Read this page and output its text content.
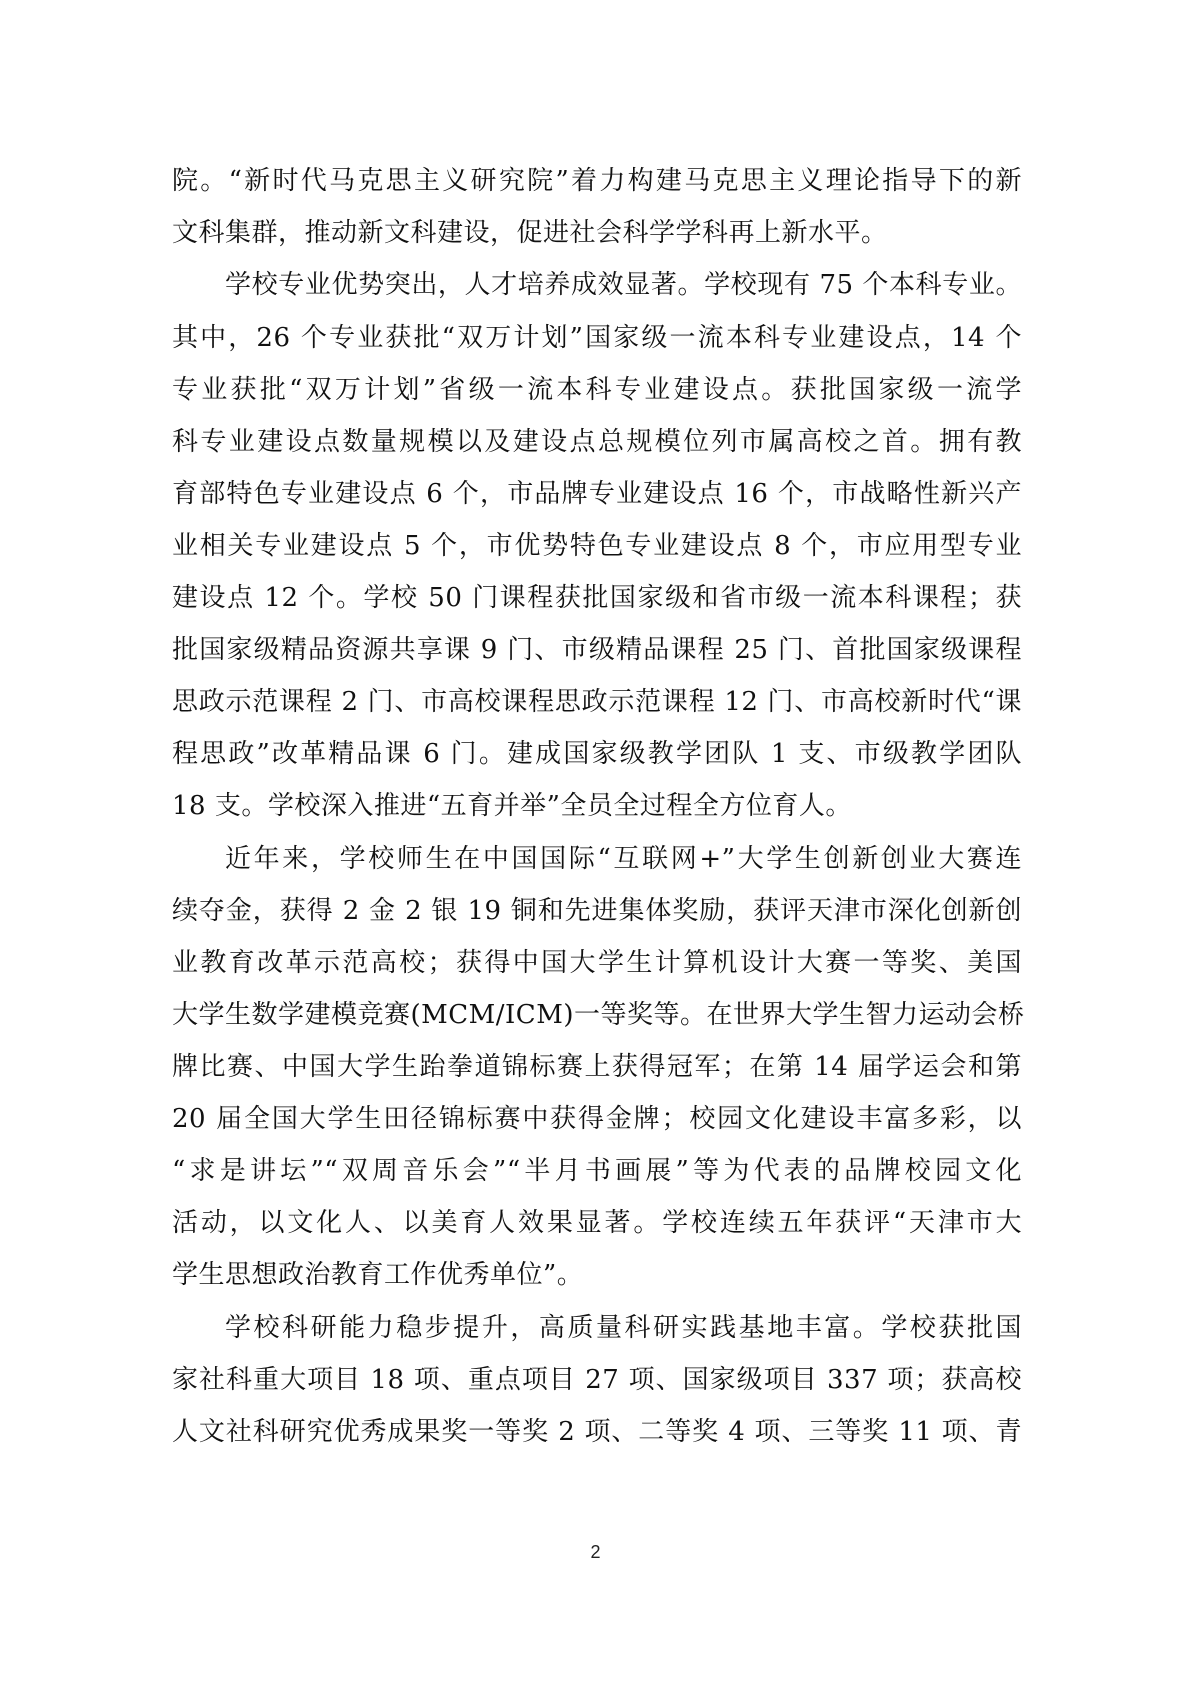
院。“新时代马克思主义研究院”着力构建马克思主义理论指导下的新
文科集群，推动新文科建设，促进社会科学学科再上新水平。
学校专业优势突出，人才培养成效显著。学校现有 75 个本科专业。
其中，26 个专业获批“双万计划”国家级一流本科专业建设点，14 个
专业获批“双万计划”省级一流本科专业建设点。获批国家级一流学
科专业建设点数量规模以及建设点总规模位列市属高校之首。拥有教
育部特色专业建设点 6 个，市品牌专业建设点 16 个，市战略性新兴产
业相关专业建设点 5 个，市优势特色专业建设点 8 个，市应用型专业
建设点 12 个。学校 50 门课程获批国家级和省市级一流本科课程；获
批国家级精品资源共享课 9 门、市级精品课程 25 门、首批国家级课程
思政示范课程 2 门、市高校课程思政示范课程 12 门、市高校新时代“课
程思政”改革精品课 6 门。建成国家级教学团队 1 支、市级教学团队
18 支。学校深入推进“五育并举”全员全过程全方位育人。
近年来，学校师生在中国国际“互联网+”大学生创新创业大赛连
续夺金，获得 2 金 2 银 19 铜和先进集体奖励，获评天津市深化创新创
业教育改革示范高校；获得中国大学生计算机设计大赛一等奖、美国
大学生数学建模竞赛(MCM/ICM)一等奖等。在世界大学生智力运动会桥
牌比赛、中国大学生跆拳道锦标赛上获得冠军；在第 14 届学运会和第
20 届全国大学生田径锦标赛中获得金牌；校园文化建设丰富多彩，以
“求是讲坛”“双周音乐会”“半月书画展”等为代表的品牌校园文化
活动，以文化人、以美育人效果显著。学校连续五年获评“天津市大
学生思想政治教育工作优秀单位”。
学校科研能力稳步提升，高质量科研实践基地丰富。学校获批国
家社科重大项目 18 项、重点项目 27 项、国家级项目 337 项；获高校
人文社科研究优秀成果奖一等奖 2 项、二等奖 4 项、三等奖 11 项、青
2
